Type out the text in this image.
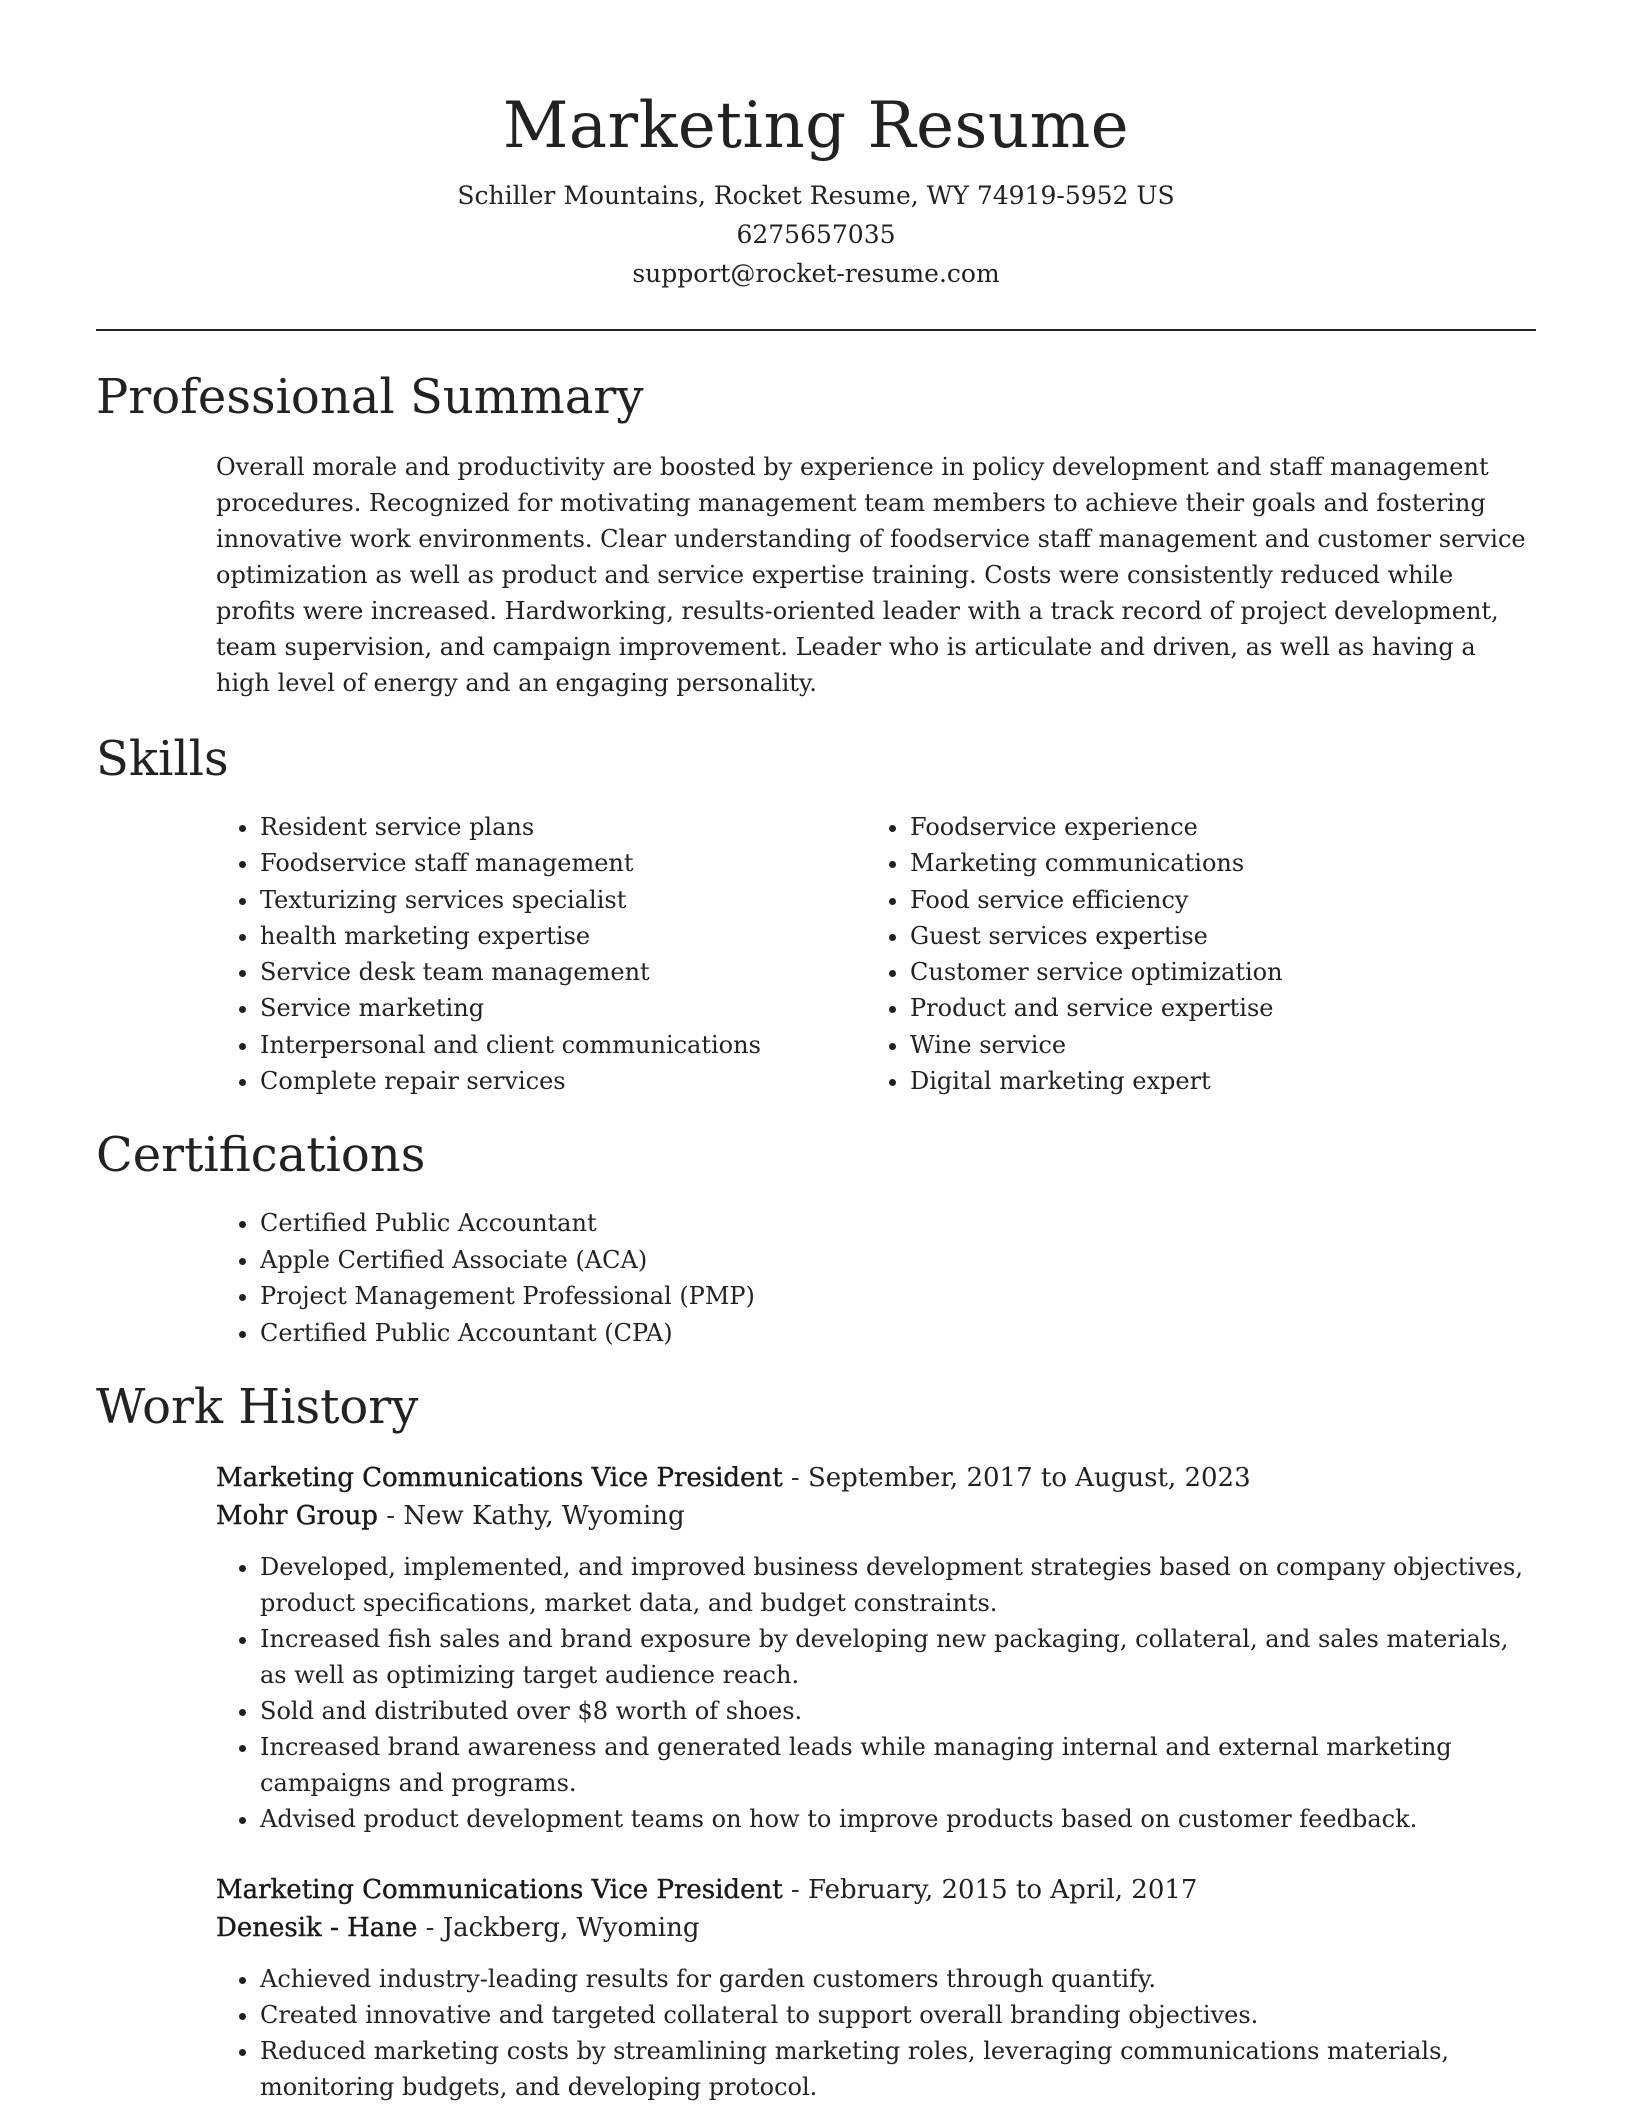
Marketing Resume

Schiller Mountains, Rocket Resume, WY 74919-5952 US

6275657035

support@rocket-resume.com

Professional Summary

Overall morale and productivity are boosted by experience in policy development and staff management procedures. Recognized for motivating management team members to achieve their goals and fostering innovative work environments. Clear understanding of foodservice staff management and customer service optimization as well as product and service expertise training. Costs were consistently reduced while profits were increased. Hardworking, results-oriented leader with a track record of project development, team supervision, and campaign improvement. Leader who is articulate and driven, as well as having a high level of energy and an engaging personality.

Skills
• Resident service plans
• Foodservice staff management
• Texturizing services specialist
• health marketing expertise
• Service desk team management
• Service marketing
• Interpersonal and client communications
• Complete repair services
• Foodservice experience
• Marketing communications
• Food service efficiency
• Guest services expertise
• Customer service optimization
• Product and service expertise
• Wine service
• Digital marketing expert
Certifications
• Certified Public Accountant
• Apple Certified Associate (ACA)
• Project Management Professional (PMP)
• Certified Public Accountant (CPA)
Work History

Marketing Communications Vice President - September, 2017 to August, 2023

Mohr Group - New Kathy, Wyoming

• Developed, implemented, and improved business development strategies based on company objectives, product specifications, market data, and budget constraints.
• Increased fish sales and brand exposure by developing new packaging, collateral, and sales materials, as well as optimizing target audience reach.
• Sold and distributed over $8 worth of shoes.
• Increased brand awareness and generated leads while managing internal and external marketing campaigns and programs.
• Advised product development teams on how to improve products based on customer feedback.

Marketing Communications Vice President - February, 2015 to April, 2017

Denesik - Hane - Jackberg, Wyoming

• Achieved industry-leading results for garden customers through quantify.
• Created innovative and targeted collateral to support overall branding objectives.
• Reduced marketing costs by streamlining marketing roles, leveraging communications materials, monitoring budgets, and developing protocol.
